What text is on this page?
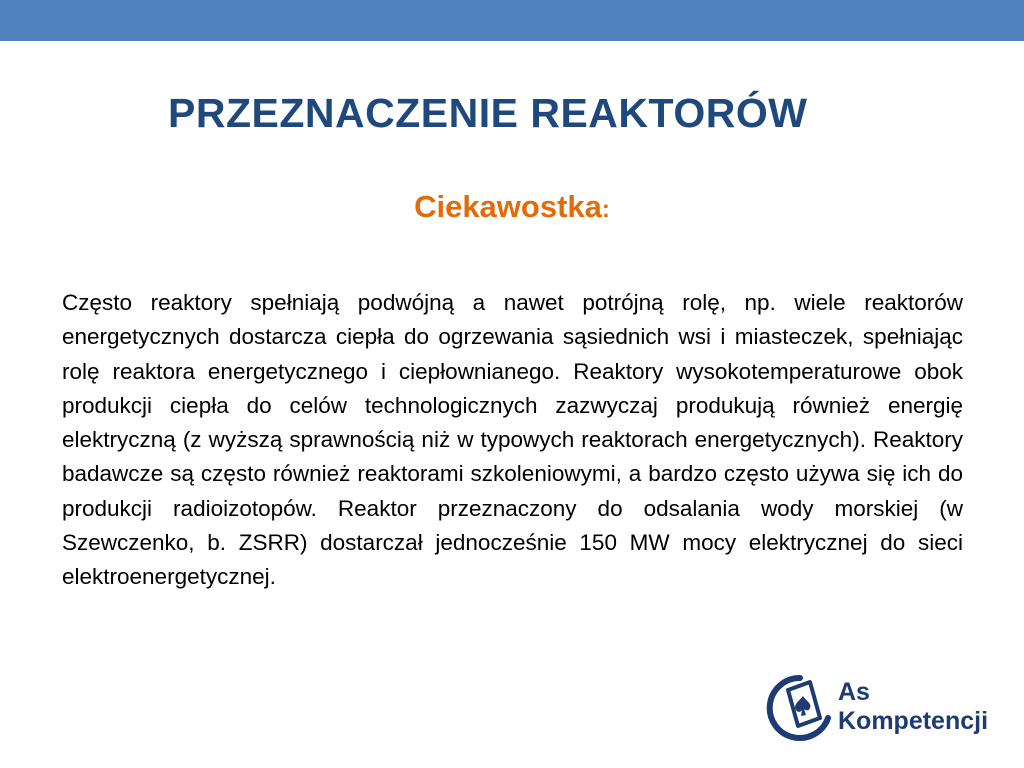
PRZEZNACZENIE REAKTORÓW
Ciekawostka:

Często reaktory spełniają podwójną a nawet potrójną rolę, np. wiele reaktorów energetycznych dostarcza ciepła do ogrzewania sąsiednich wsi i miasteczek, spełniając rolę reaktora energetycznego i ciepłownianego. Reaktory wysokotemperaturowe obok produkcji ciepła do celów technologicznych zazwyczaj produkują również energię elektryczną (z wyższą sprawnością niż w typowych reaktorach energetycznych). Reaktory badawcze są często również reaktorami szkoleniowymi, a bardzo często używa się ich do produkcji radioizotopów. Reaktor przeznaczony do odsalania wody morskiej (w Szewczenko, b. ZSRR) dostarczał jednocześnie 150 MW mocy elektrycznej do sieci elektroenergetycznej.

As
Kompetencji
